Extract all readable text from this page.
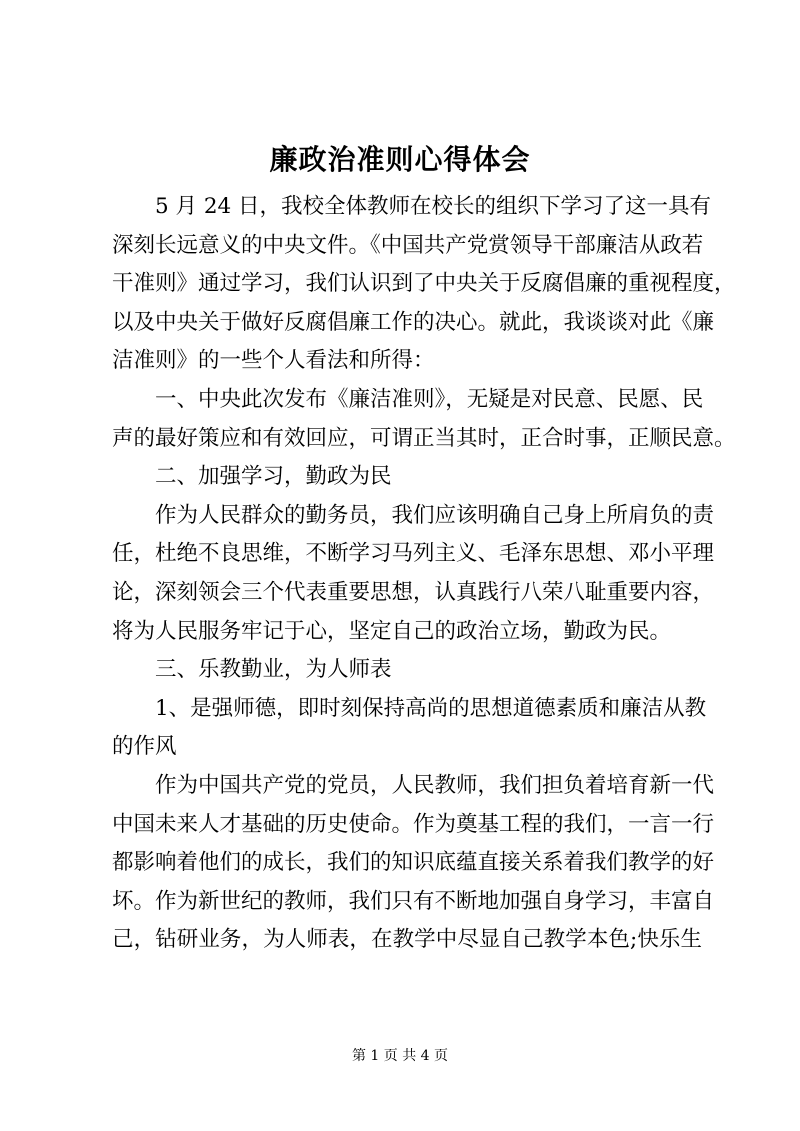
廉政治准则心得体会
5 月 24 日，我校全体教师在校长的组织下学习了这一具有
深刻长远意义的中央文件。《中国共产党赏领导干部廉洁从政若
干准则》通过学习，我们认识到了中央关于反腐倡廉的重视程度，
以及中央关于做好反腐倡廉工作的决心。就此，我谈谈对此《廉
洁准则》的一些个人看法和所得：
一、中央此次发布《廉洁准则》，无疑是对民意、民愿、民
声的最好策应和有效回应，可谓正当其时，正合时事，正顺民意。
二、加强学习，勤政为民
作为人民群众的勤务员，我们应该明确自己身上所肩负的责
任，杜绝不良思维，不断学习马列主义、毛泽东思想、邓小平理
论，深刻领会三个代表重要思想，认真践行八荣八耻重要内容，
将为人民服务牢记于心，坚定自己的政治立场，勤政为民。
三、乐教勤业，为人师表
1、是强师德，即时刻保持高尚的思想道德素质和廉洁从教
的作风
作为中国共产党的党员，人民教师，我们担负着培育新一代
中国未来人才基础的历史使命。作为奠基工程的我们，一言一行
都影响着他们的成长，我们的知识底蕴直接关系着我们教学的好
坏。作为新世纪的教师，我们只有不断地加强自身学习，丰富自
己，钻研业务，为人师表，在教学中尽显自己教学本色;快乐生
第 1 页 共 4 页
